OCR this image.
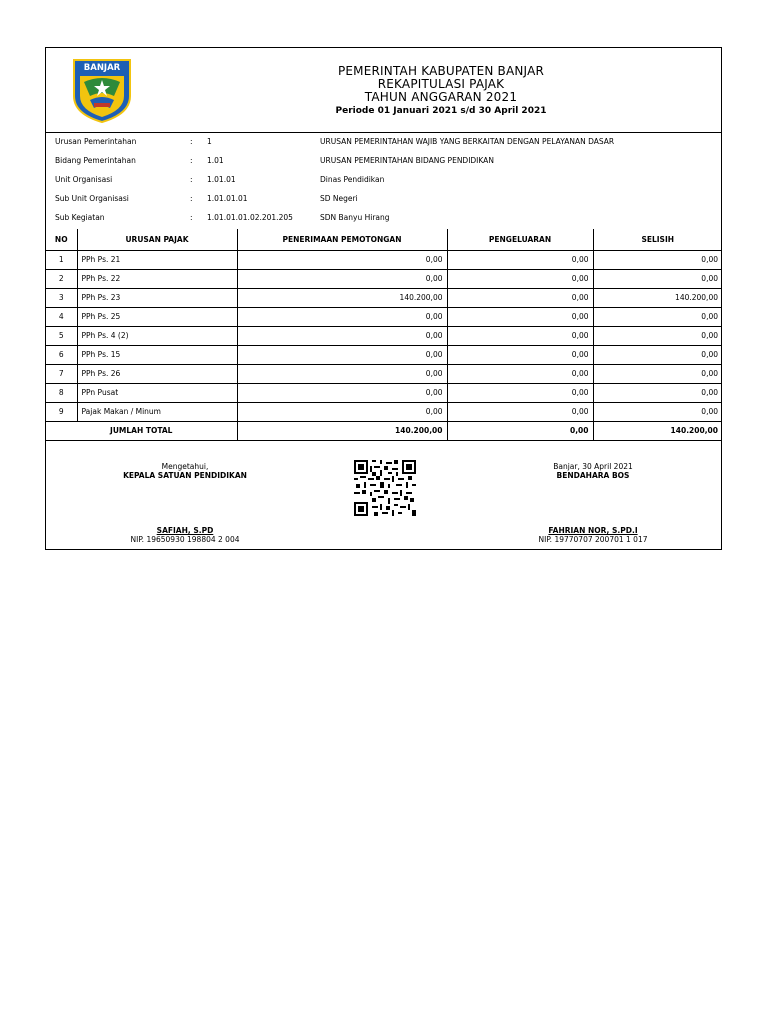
BANJAR	PEMERINTAH KABUPATEN BANJAR
REKAPITULASI PAJAK
TAHUN ANGGARAN 2021
Periode 01 Januari 2021 s/d 30 April 2021
Urusan Pemerintahan	: 1	URUSAN PEMERINTAHAN WAJIB YANG BERKAITAN DENGAN PELAYANAN DASAR
Bidang Pemerintahan	: 1.01	URUSAN PEMERINTAHAN BIDANG PENDIDIKAN
Unit Organisasi	: 1.01.01	Dinas Pendidikan
Sub Unit Organisasi	: 1.01.01.01	SD Negeri
Sub Kegiatan	: 1.01.01.01.02.201.205	SDN Banyu Hirang
NO	URUSAN PAJAK	PENERIMAAN PEMOTONGAN	PENGELUARAN	SELISIH
1	PPh Ps. 21	0,00	0,00	0,00
2	PPh Ps. 22	0,00	0,00	0,00
3	PPh Ps. 23	140.200,00	0,00	140.200,00
4	PPh Ps. 25	0,00	0,00	0,00
5	PPh Ps. 4 (2)	0,00	0,00	0,00
6	PPh Ps. 15	0,00	0,00	0,00
7	PPh Ps. 26	0,00	0,00	0,00
8	PPn Pusat	0,00	0,00	0,00
9	Pajak Makan / Minum	0,00	0,00	0,00
JUMLAH TOTAL		140.200,00	0,00	140.200,00
Mengetahui,
KEPALA SATUAN PENDIDIKAN
SAFIAH, S.PD
NIP. 19650930 198804 2 004
Banjar, 30 April 2021
BENDAHARA BOS
FAHRIAN NOR, S.PD.I
NIP. 19770707 200701 1 017
